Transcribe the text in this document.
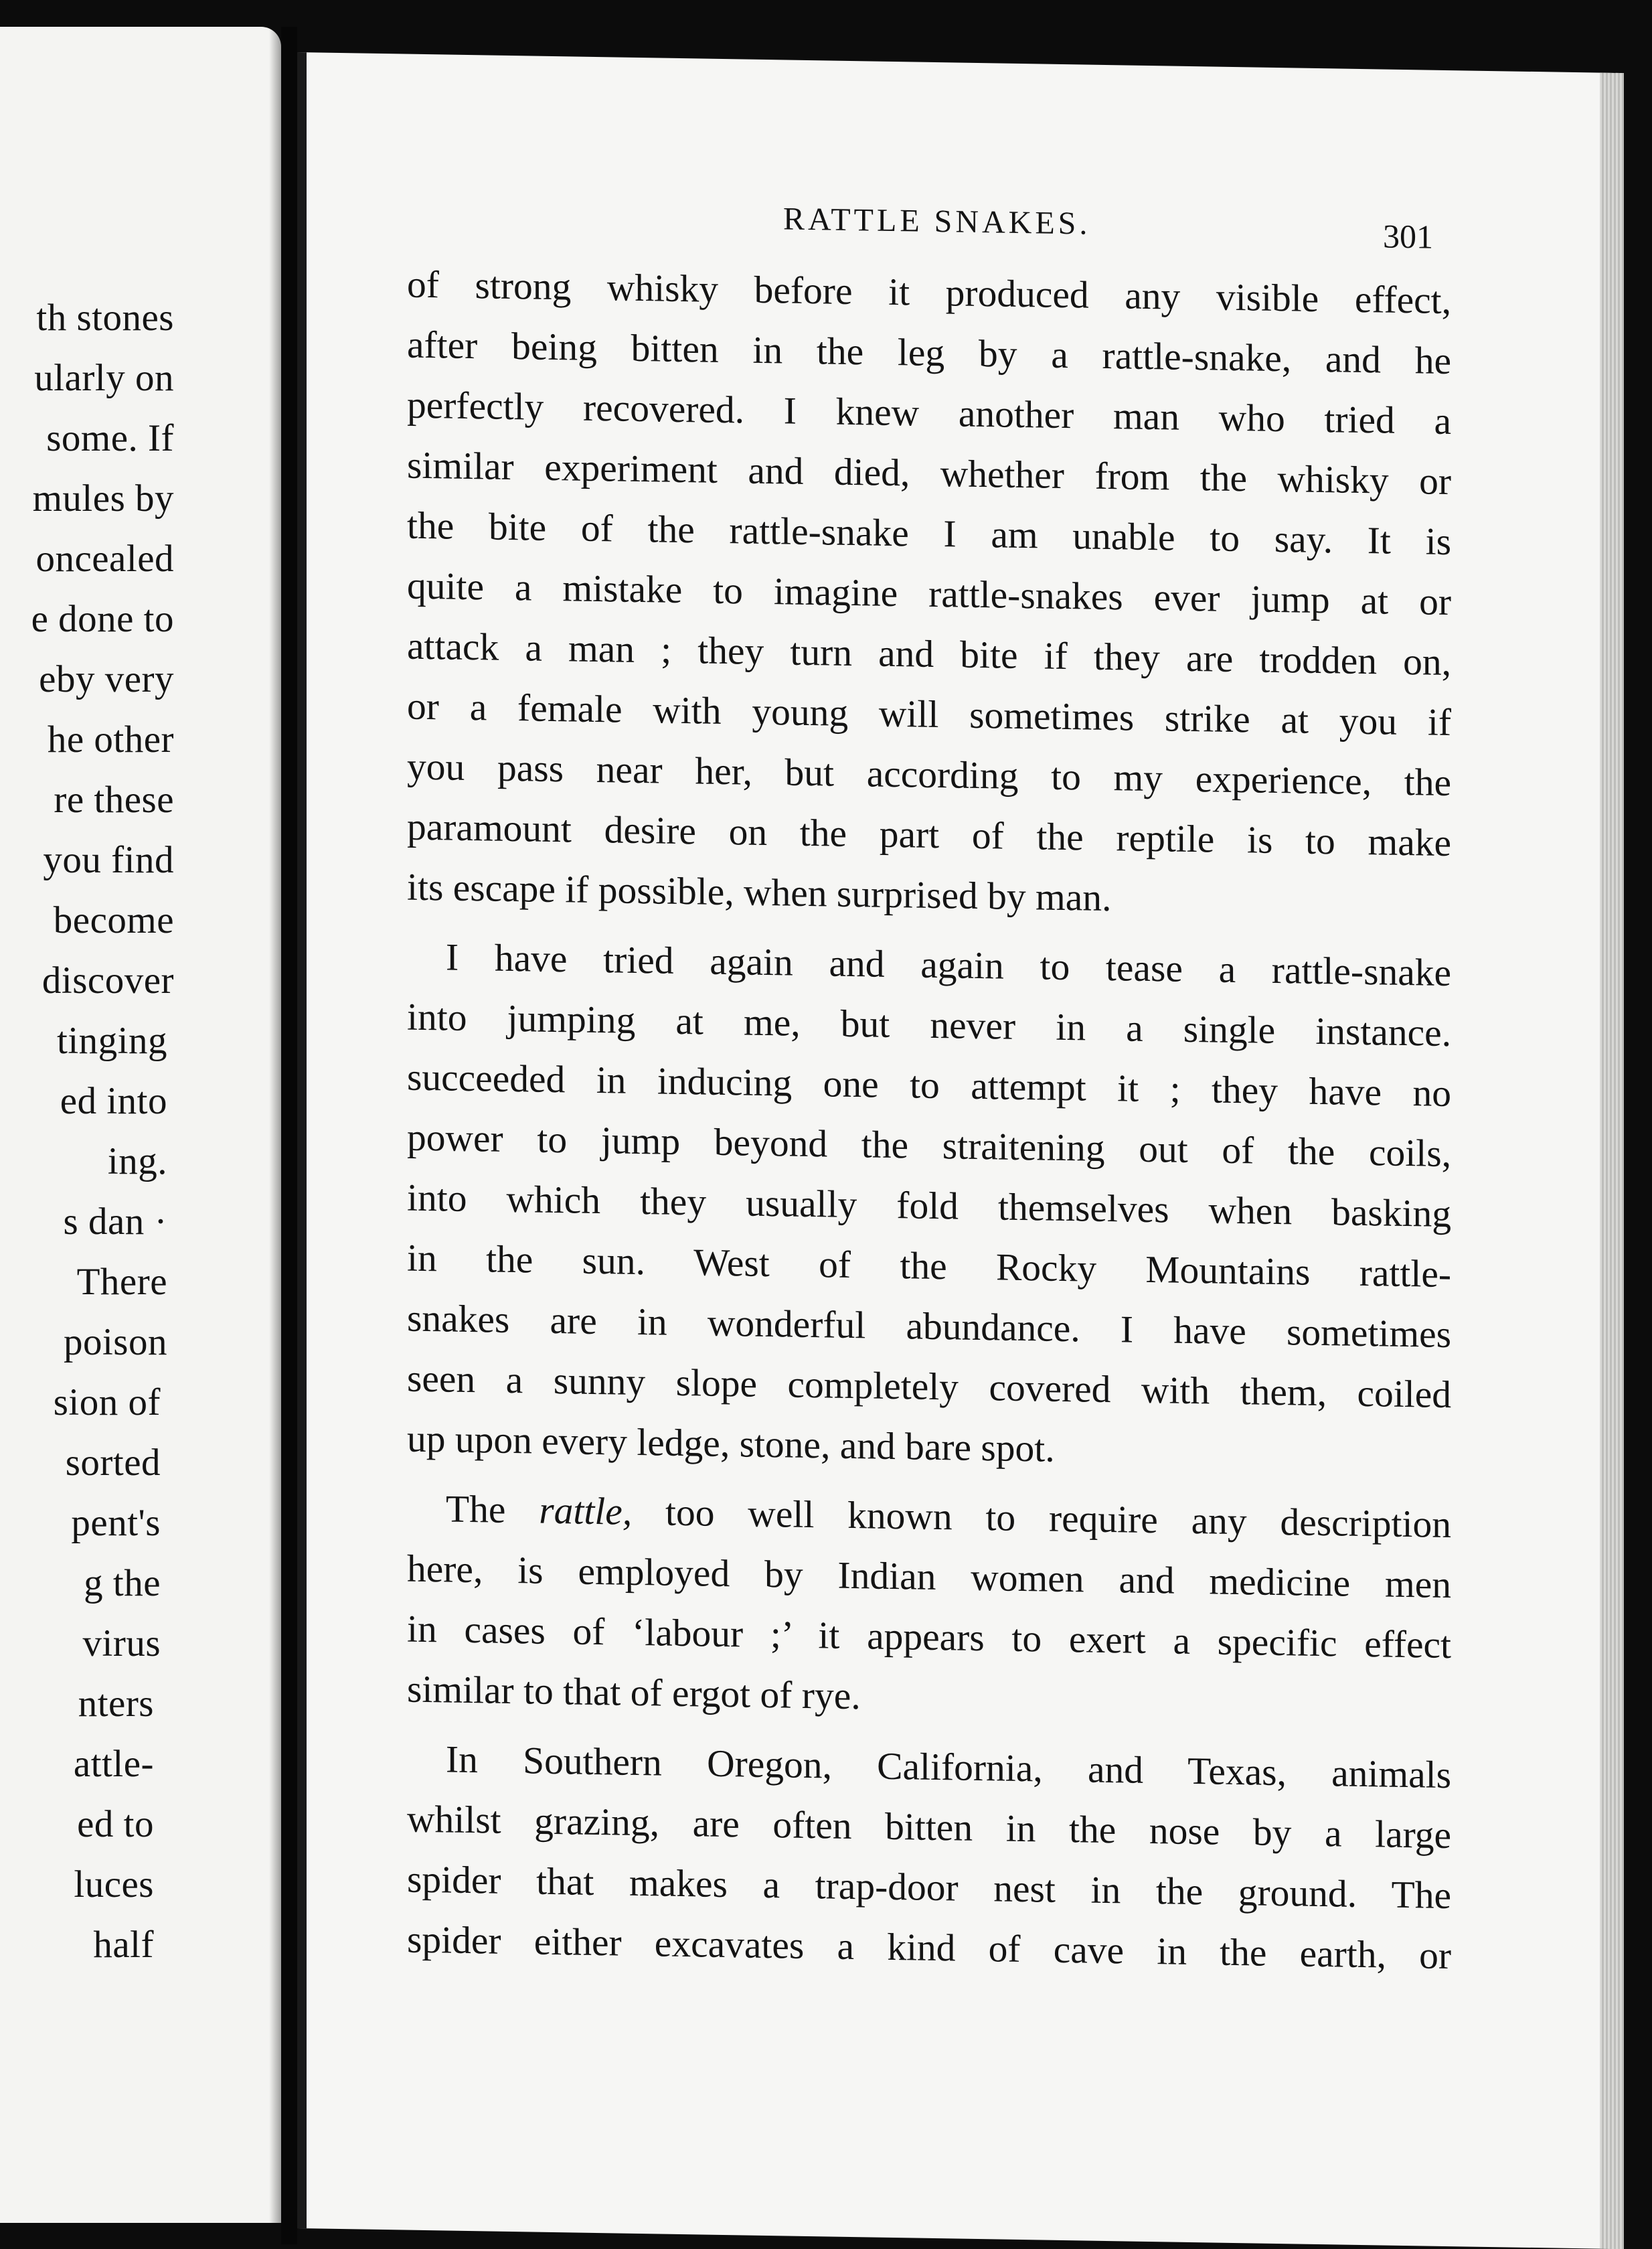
th stones
ularly on
some. If
mules by
oncealed
e done to
eby very
he other
re these
you find
become
discover
tinging
ed into
ing.
s dan ·
There
poison
sion of
sorted
pent's
g the
virus
nters
attle-
ed to
luces
half
RATTLE SNAKES.	301

of strong whisky before it produced any visible effect,
after being bitten in the leg by a rattle-snake, and he
perfectly recovered. I knew another man who tried a
similar experiment and died, whether from the whisky or
the bite of the rattle-snake I am unable to say. It is
quite a mistake to imagine rattle-snakes ever jump at or
attack a man ; they turn and bite if they are trodden on,
or a female with young will sometimes strike at you if
you pass near her, but according to my experience, the
paramount desire on the part of the reptile is to make
its escape if possible, when surprised by man.

I have tried again and again to tease a rattle-snake
into jumping at me, but never in a single instance.
succeeded in inducing one to attempt it ; they have no
power to jump beyond the straitening out of the coils,
into which they usually fold themselves when basking
in the sun. West of the Rocky Mountains rattle-
snakes are in wonderful abundance. I have sometimes
seen a sunny slope completely covered with them, coiled
up upon every ledge, stone, and bare spot.

The rattle, too well known to require any description
here, is employed by Indian women and medicine men
in cases of ‘labour ;’ it appears to exert a specific effect
similar to that of ergot of rye.

In Southern Oregon, California, and Texas, animals
whilst grazing, are often bitten in the nose by a large
spider that makes a trap-door nest in the ground. The
spider either excavates a kind of cave in the earth, or
